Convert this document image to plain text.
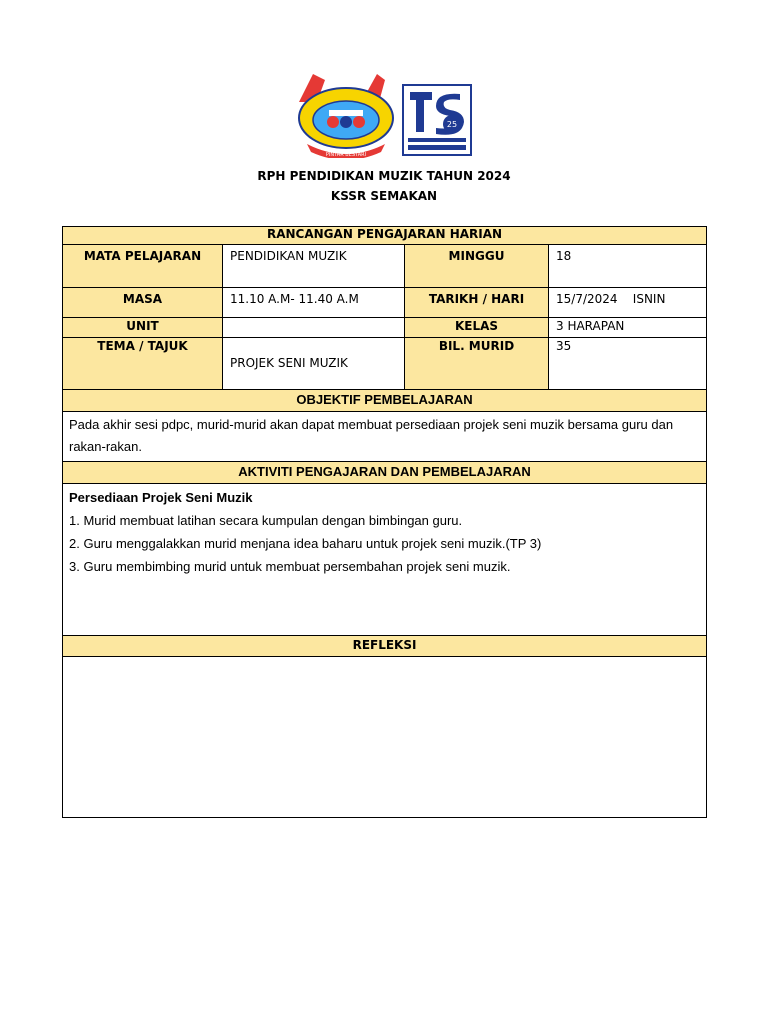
PINTAR BESTARI
25
RPH PENDIDIKAN MUZIK TAHUN 2024
KSSR SEMAKAN
RANCANGAN PENGAJARAN HARIAN			
MATA PELAJARAN	PENDIDIKAN MUZIK	MINGGU	18
MASA	11.10 A.M- 11.40 A.M	TARIKH / HARI	15/7/2024    ISNIN
UNIT		KELAS	3 HARAPAN
TEMA / TAJUK	PROJEK SENI MUZIK	BIL. MURID	35
OBJEKTIF PEMBELAJARAN			
Pada akhir sesi pdpc, murid-murid akan dapat membuat persediaan projek seni muzik bersama guru dan rakan-rakan.			
AKTIVITI PENGAJARAN DAN PEMBELAJARAN			

Persediaan Projek Seni Muzik

1. Murid membuat latihan secara kumpulan dengan bimbingan guru.

2. Guru menggalakkan murid menjana idea baharu untuk projek seni muzik.(TP 3)

3. Guru membimbing murid untuk membuat persembahan projek seni muzik.			

REFLEKSI			
